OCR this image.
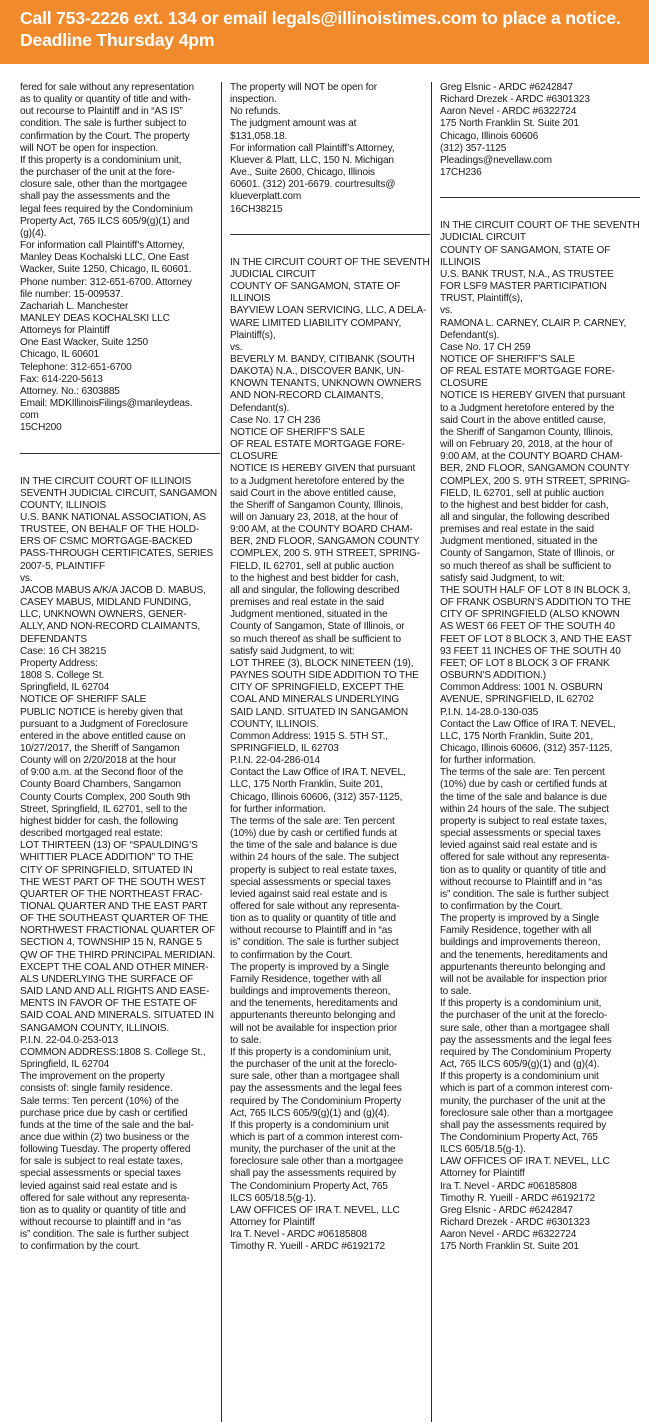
Call 753-2226 ext. 134 or email legals@illinoistimes.com to place a notice.
Deadline Thursday 4pm
fered for sale without any representation
as to quality or quantity of title and with-
out recourse to Plaintiff and in “AS IS”
condition. The sale is further subject to
confirmation by the Court. The property
will NOT be open for inspection.
If this property is a condominium unit,
the purchaser of the unit at the fore-
closure sale, other than the mortgagee
shall pay the assessments and the
legal fees required by the Condominium
Property Act, 765 ILCS 605/9(g)(1) and
(g)(4).
For information call Plaintiff’s Attorney,
Manley Deas Kochalski LLC, One East
Wacker, Suite 1250, Chicago, IL 60601.
Phone number: 312-651-6700. Attorney
file number: 15-009537.
Zachariah L. Manchester
MANLEY DEAS KOCHALSKI LLC
Attorneys for Plaintiff
One East Wacker, Suite 1250
Chicago, IL 60601
Telephone: 312-651-6700
Fax: 614-220-5613
Attorney. No.: 6303885
Email: MDKIllinoisFilings@manleydeas.
com
15CH200
IN THE CIRCUIT COURT OF ILLINOIS
SEVENTH JUDICIAL CIRCUIT, SANGAMON
COUNTY, ILLINOIS
U.S. BANK NATIONAL ASSOCIATION, AS
TRUSTEE, ON BEHALF OF THE HOLD-
ERS OF CSMC MORTGAGE-BACKED
PASS-THROUGH CERTIFICATES, SERIES
2007-5, PLAINTIFF
vs.
JACOB MABUS A/K/A JACOB D. MABUS,
CASEY MABUS, MIDLAND FUNDING,
LLC, UNKNOWN OWNERS, GENER-
ALLY, AND NON-RECORD CLAIMANTS,
DEFENDANTS
Case: 16 CH 38215
Property Address:
1808 S. College St.
Springfield, IL 62704
NOTICE OF SHERIFF SALE
PUBLIC NOTICE is hereby given that
pursuant to a Judgment of Foreclosure
entered in the above entitled cause on
10/27/2017, the Sheriff of Sangamon
County will on 2/20/2018 at the hour
of 9:00 a.m. at the Second floor of the
County Board Chambers, Sangamon
County Courts Complex, 200 South 9th
Street, Springfield, IL 62701, sell to the
highest bidder for cash, the following
described mortgaged real estate:
LOT THIRTEEN (13) OF “SPAULDING’S
WHITTIER PLACE ADDITION” TO THE
CITY OF SPRINGFIELD, SITUATED IN
THE WEST PART OF THE SOUTH WEST
QUARTER OF THE NORTHEAST FRAC-
TIONAL QUARTER AND THE EAST PART
OF THE SOUTHEAST QUARTER OF THE
NORTHWEST FRACTIONAL QUARTER OF
SECTION 4, TOWNSHIP 15 N, RANGE 5
QW OF THE THIRD PRINCIPAL MERIDIAN.
EXCEPT THE COAL AND OTHER MINER-
ALS UNDERLYING THE SURFACE OF
SAID LAND AND ALL RIGHTS AND EASE-
MENTS IN FAVOR OF THE ESTATE OF
SAID COAL AND MINERALS. SITUATED IN
SANGAMON COUNTY, ILLINOIS.
P.I.N. 22-04.0-253-013
COMMON ADDRESS:1808 S. College St.,
Springfield, IL 62704
The improvement on the property
consists of: single family residence.
Sale terms: Ten percent (10%) of the
purchase price due by cash or certified
funds at the time of the sale and the bal-
ance due within (2) two business or the
following Tuesday. The property offered
for sale is subject to real estate taxes,
special assessments or special taxes
levied against said real estate and is
offered for sale without any representa-
tion as to quality or quantity of title and
without recourse to plaintiff and in “as
is” condition. The sale is further subject
to confirmation by the court.
The property will NOT be open for
inspection.
No refunds.
The judgment amount was at
$131,058.18.
For information call Plaintiff’s Attorney,
Kluever & Platt, LLC, 150 N. Michigan
Ave., Suite 2600, Chicago, Illinois
60601. (312) 201-6679. courtresults@
klueverplatt.com
16CH38215
IN THE CIRCUIT COURT OF THE SEVENTH
JUDICIAL CIRCUIT
COUNTY OF SANGAMON, STATE OF
ILLINOIS
BAYVIEW LOAN SERVICING, LLC, A DELA-
WARE LIMITED LIABILITY COMPANY,
Plaintiff(s),
vs.
BEVERLY M. BANDY, CITIBANK (SOUTH
DAKOTA) N.A., DISCOVER BANK, UN-
KNOWN TENANTS, UNKNOWN OWNERS
AND NON-RECORD CLAIMANTS,
Defendant(s).
Case No. 17 CH 236
NOTICE OF SHERIFF’S SALE
OF REAL ESTATE MORTGAGE FORE-
CLOSURE
NOTICE IS HEREBY GIVEN that pursuant
to a Judgment heretofore entered by the
said Court in the above entitled cause,
the Sheriff of Sangamon County, Illinois,
will on January 23, 2018, at the hour of
9:00 AM, at the COUNTY BOARD CHAM-
BER, 2ND FLOOR, SANGAMON COUNTY
COMPLEX, 200 S. 9TH STREET, SPRING-
FIELD, IL 62701, sell at public auction
to the highest and best bidder for cash,
all and singular, the following described
premises and real estate in the said
Judgment mentioned, situated in the
County of Sangamon, State of Illinois, or
so much thereof as shall be sufficient to
satisfy said Judgment, to wit:
LOT THREE (3), BLOCK NINETEEN (19),
PAYNES SOUTH SIDE ADDITION TO THE
CITY OF SPRINGFIELD, EXCEPT THE
COAL AND MINERALS UNDERLYING
SAID LAND. SITUATED IN SANGAMON
COUNTY, ILLINOIS.
Common Address: 1915 S. 5TH ST.,
SPRINGFIELD, IL 62703
P.I.N. 22-04-286-014
Contact the Law Office of IRA T. NEVEL,
LLC, 175 North Franklin, Suite 201,
Chicago, Illinois 60606, (312) 357-1125,
for further information.
The terms of the sale are: Ten percent
(10%) due by cash or certified funds at
the time of the sale and balance is due
within 24 hours of the sale. The subject
property is subject to real estate taxes,
special assessments or special taxes
levied against said real estate and is
offered for sale without any representa-
tion as to quality or quantity of title and
without recourse to Plaintiff and in “as
is” condition. The sale is further subject
to confirmation by the Court.
The property is improved by a Single
Family Residence, together with all
buildings and improvements thereon,
and the tenements, hereditaments and
appurtenants thereunto belonging and
will not be available for inspection prior
to sale.
If this property is a condominium unit,
the purchaser of the unit at the foreclo-
sure sale, other than a mortgagee shall
pay the assessments and the legal fees
required by The Condominium Property
Act, 765 ILCS 605/9(g)(1) and (g)(4).
If this property is a condominium unit
which is part of a common interest com-
munity, the purchaser of the unit at the
foreclosure sale other than a mortgagee
shall pay the assessments required by
The Condominium Property Act, 765
ILCS 605/18.5(g-1).
LAW OFFICES OF IRA T. NEVEL, LLC
Attorney for Plaintiff
Ira T. Nevel - ARDC #06185808
Timothy R. Yueill - ARDC #6192172
Greg Elsnic - ARDC #6242847
Richard Drezek - ARDC #6301323
Aaron Nevel - ARDC #6322724
175 North Franklin St. Suite 201
Chicago, Illinois 60606
(312) 357-1125
Pleadings@nevellaw.com
17CH236
IN THE CIRCUIT COURT OF THE SEVENTH
JUDICIAL CIRCUIT
COUNTY OF SANGAMON, STATE OF
ILLINOIS
U.S. BANK TRUST, N.A., AS TRUSTEE
FOR LSF9 MASTER PARTICIPATION
TRUST, Plaintiff(s),
vs.
RAMONA L. CARNEY, CLAIR P. CARNEY,
Defendant(s).
Case No. 17 CH 259
NOTICE OF SHERIFF’S SALE
OF REAL ESTATE MORTGAGE FORE-
CLOSURE
NOTICE IS HEREBY GIVEN that pursuant
to a Judgment heretofore entered by the
said Court in the above entitled cause,
the Sheriff of Sangamon County, Illinois,
will on February 20, 2018, at the hour of
9:00 AM, at the COUNTY BOARD CHAM-
BER, 2ND FLOOR, SANGAMON COUNTY
COMPLEX, 200 S. 9TH STREET, SPRING-
FIELD, IL 62701, sell at public auction
to the highest and best bidder for cash,
all and singular, the following described
premises and real estate in the said
Judgment mentioned, situated in the
County of Sangamon, State of Illinois, or
so much thereof as shall be sufficient to
satisfy said Judgment, to wit:
THE SOUTH HALF OF LOT 8 IN BLOCK 3,
OF FRANK OSBURN’S ADDITION TO THE
CITY OF SPRINGFIELD (ALSO KNOWN
AS WEST 66 FEET OF THE SOUTH 40
FEET OF LOT 8 BLOCK 3, AND THE EAST
93 FEET 11 INCHES OF THE SOUTH 40
FEET; OF LOT 8 BLOCK 3 OF FRANK
OSBURN’S ADDITION.)
Common Address: 1001 N. OSBURN
AVENUE, SPRINGFIELD, IL 62702
P.I.N. 14-28.0-130-035
Contact the Law Office of IRA T. NEVEL,
LLC, 175 North Franklin, Suite 201,
Chicago, Illinois 60606, (312) 357-1125,
for further information.
The terms of the sale are: Ten percent
(10%) due by cash or certified funds at
the time of the sale and balance is due
within 24 hours of the sale. The subject
property is subject to real estate taxes,
special assessments or special taxes
levied against said real estate and is
offered for sale without any representa-
tion as to quality or quantity of title and
without recourse to Plaintiff and in “as
is” condition. The sale is further subject
to confirmation by the Court.
The property is improved by a Single
Family Residence, together with all
buildings and improvements thereon,
and the tenements, hereditaments and
appurtenants thereunto belonging and
will not be available for inspection prior
to sale.
If this property is a condominium unit,
the purchaser of the unit at the foreclo-
sure sale, other than a mortgagee shall
pay the assessments and the legal fees
required by The Condominium Property
Act, 765 ILCS 605/9(g)(1) and (g)(4).
If this property is a condominium unit
which is part of a common interest com-
munity, the purchaser of the unit at the
foreclosure sale other than a mortgagee
shall pay the assessments required by
The Condominium Property Act, 765
ILCS 605/18.5(g-1).
LAW OFFICES OF IRA T. NEVEL, LLC
Attorney for Plaintiff
Ira T. Nevel - ARDC #06185808
Timothy R. Yueill - ARDC #6192172
Greg Elsnic - ARDC #6242847
Richard Drezek - ARDC #6301323
Aaron Nevel - ARDC #6322724
175 North Franklin St. Suite 201
